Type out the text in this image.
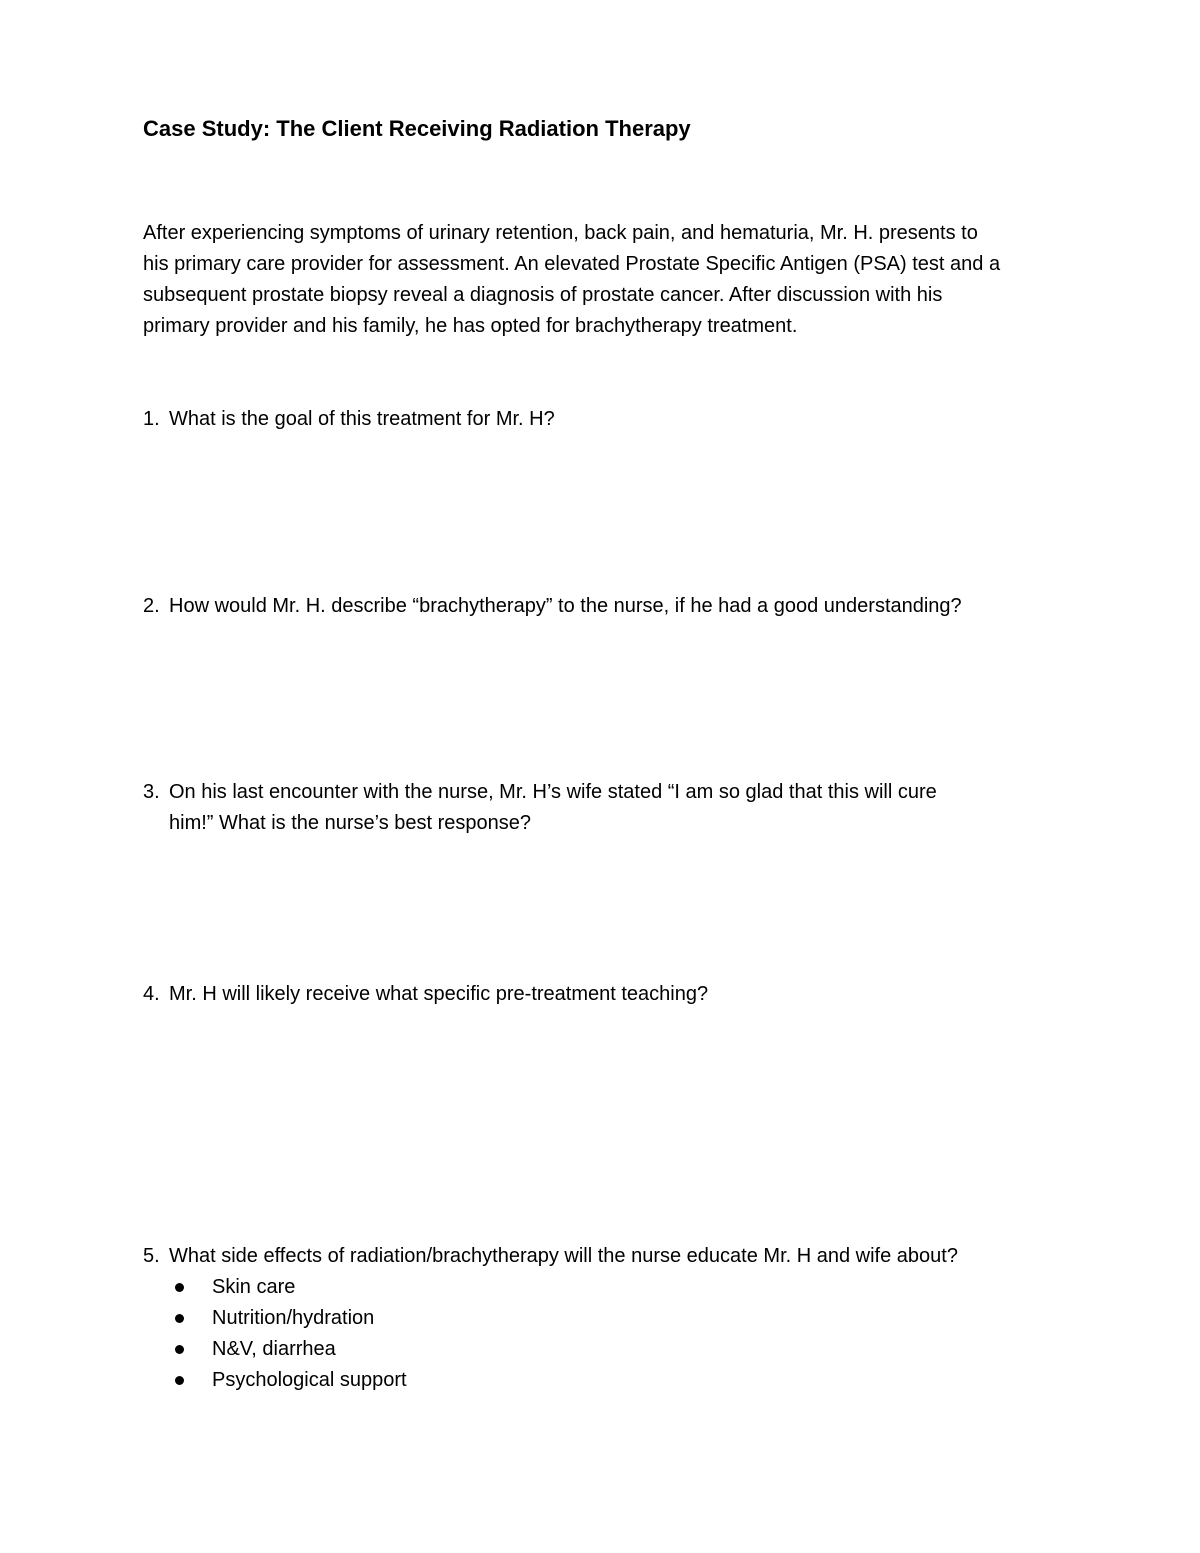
Case Study: The Client Receiving Radiation Therapy
After experiencing symptoms of urinary retention, back pain, and hematuria, Mr. H. presents to
his primary care provider for assessment. An elevated Prostate Specific Antigen (PSA) test and a
subsequent prostate biopsy reveal a diagnosis of prostate cancer. After discussion with his
primary provider and his family, he has opted for brachytherapy treatment.
1. What is the goal of this treatment for Mr. H?
2. How would Mr. H. describe “brachytherapy” to the nurse, if he had a good understanding?
3. On his last encounter with the nurse, Mr. H’s wife stated “I am so glad that this will cure
him!” What is the nurse’s best response?
4. Mr. H will likely receive what specific pre-treatment teaching?
5. What side effects of radiation/brachytherapy will the nurse educate Mr. H and wife about?
Skin care
Nutrition/hydration
N&V, diarrhea
Psychological support
